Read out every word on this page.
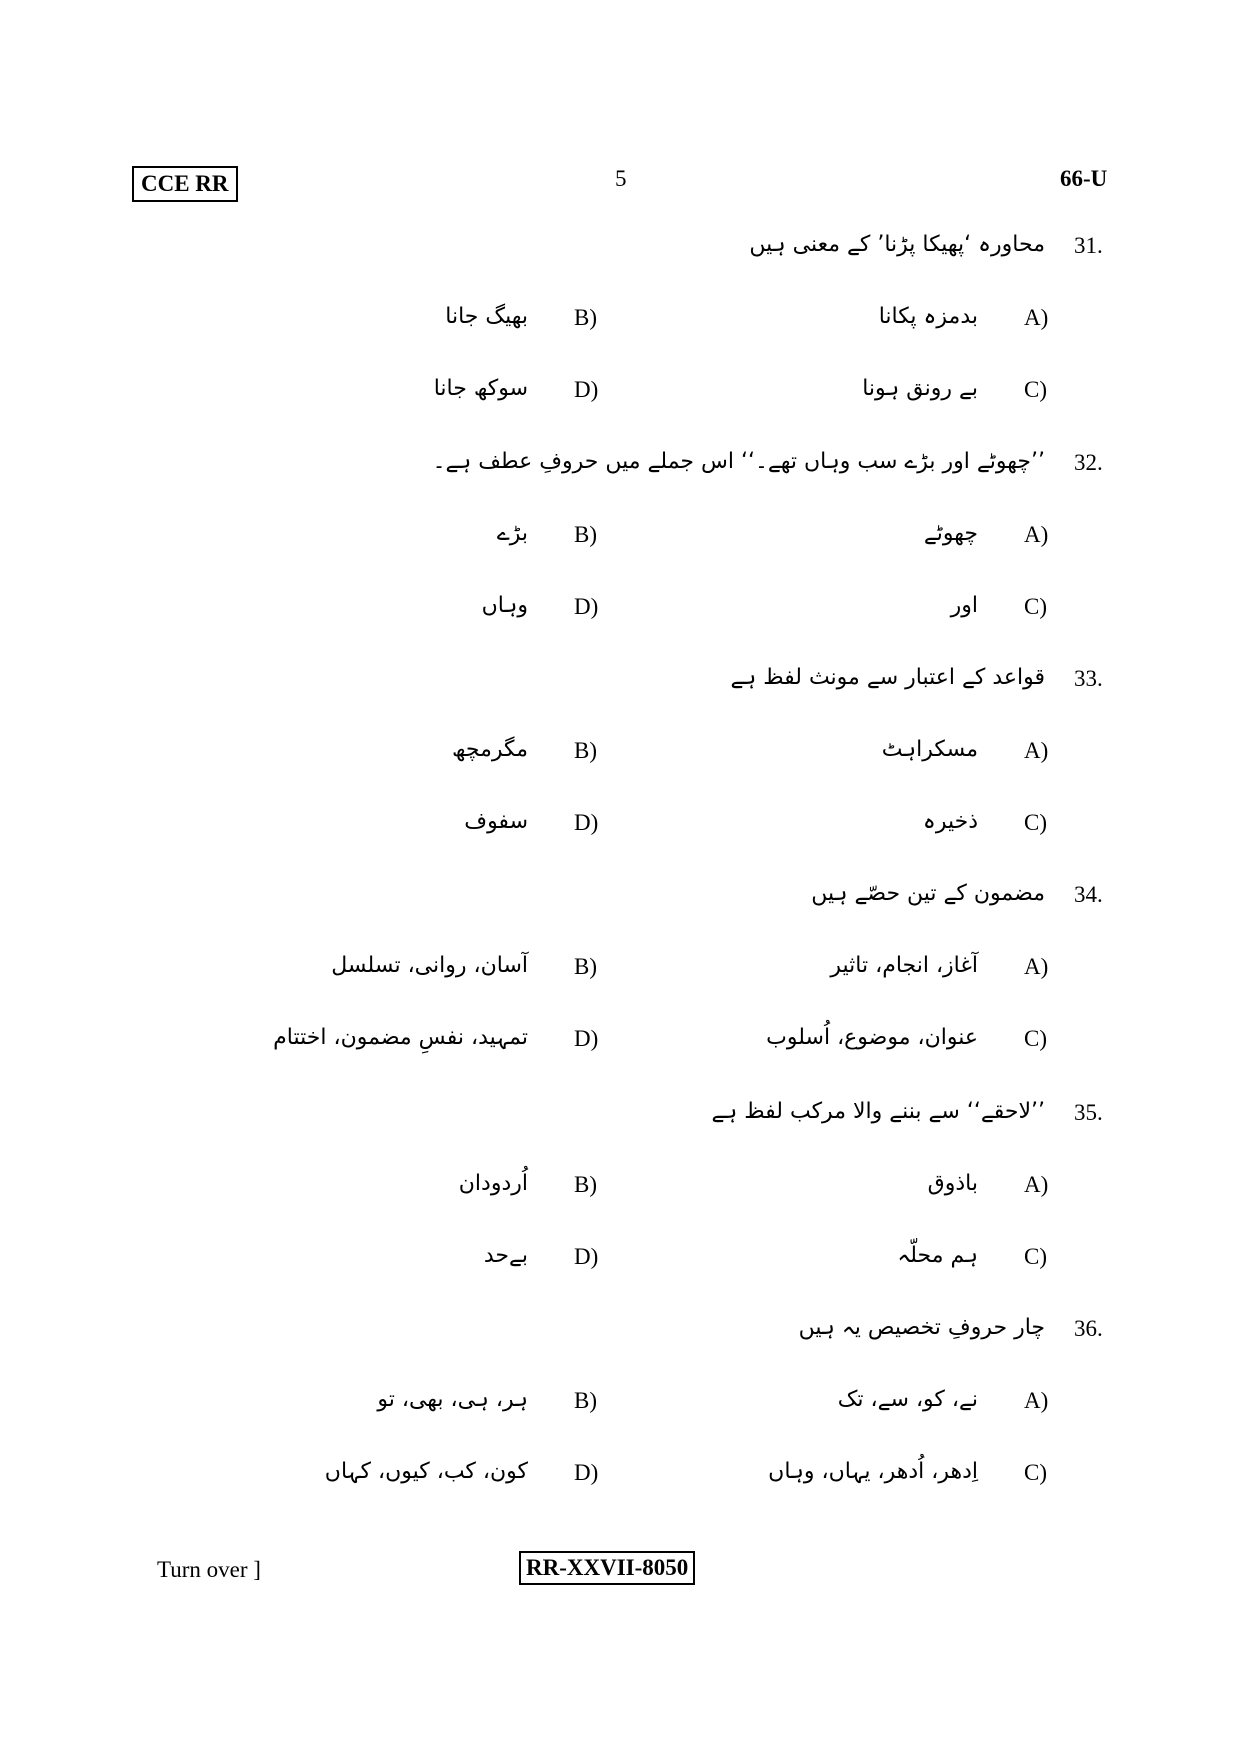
CCE RR	5	66-U
31.
محاورہ ‘پھیکا پڑنا’ کے معنی ہیں
A)
بدمزہ پکانا
B)
بھیگ جانا
C)
بے رونق ہونا
D)
سوکھ جانا
32.
’’چھوٹے اور بڑے سب وہاں تھے۔‘‘ اس جملے میں حروفِ عطف ہے۔
A)
چھوٹے
B)
بڑے
C)
اور
D)
وہاں
33.
قواعد کے اعتبار سے مونث لفظ ہے
A)
مسکراہٹ
B)
مگرمچھ
C)
ذخیرہ
D)
سفوف
34.
مضمون کے تین حصّے ہیں
A)
آغاز، انجام، تاثیر
B)
آسان، روانی، تسلسل
C)
عنوان، موضوع، اُسلوب
D)
تمہید، نفسِ مضمون، اختتام
35.
’’لاحقے‘‘ سے بننے والا مرکب لفظ ہے
A)
باذوق
B)
اُردودان
C)
ہم محلّہ
D)
بےحد
36.
چار حروفِ تخصیص یہ ہیں
A)
نے، کو، سے، تک
B)
ہر، ہی، بھی، تو
C)
اِدھر، اُدھر، یہاں، وہاں
D)
کون، کب، کیوں، کہاں
Turn over ]	RR-XXVII-8050
